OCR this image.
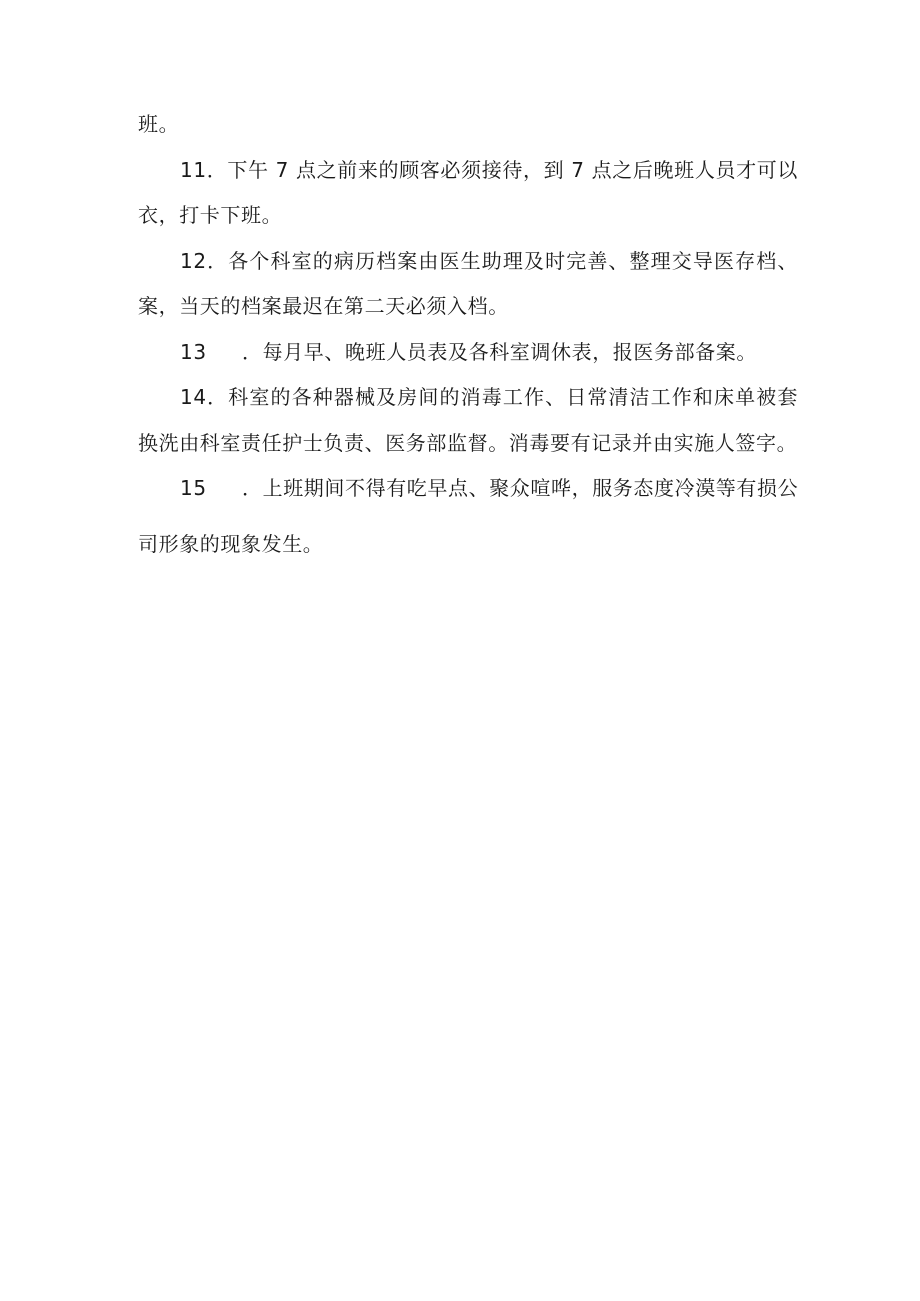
班。
11．下午 7 点之前来的顾客必须接待，到 7 点之后晚班人员才可以
衣，打卡下班。
12．各个科室的病历档案由医生助理及时完善、整理交导医存档、
案，当天的档案最迟在第二天必须入档。
13 ．每月早、晚班人员表及各科室调休表，报医务部备案。
14．科室的各种器械及房间的消毒工作、日常清洁工作和床单被套
换洗由科室责任护士负责、医务部监督。消毒要有记录并由实施人签字。
15 ．上班期间不得有吃早点、聚众喧哗，服务态度冷漠等有损公
司形象的现象发生。
